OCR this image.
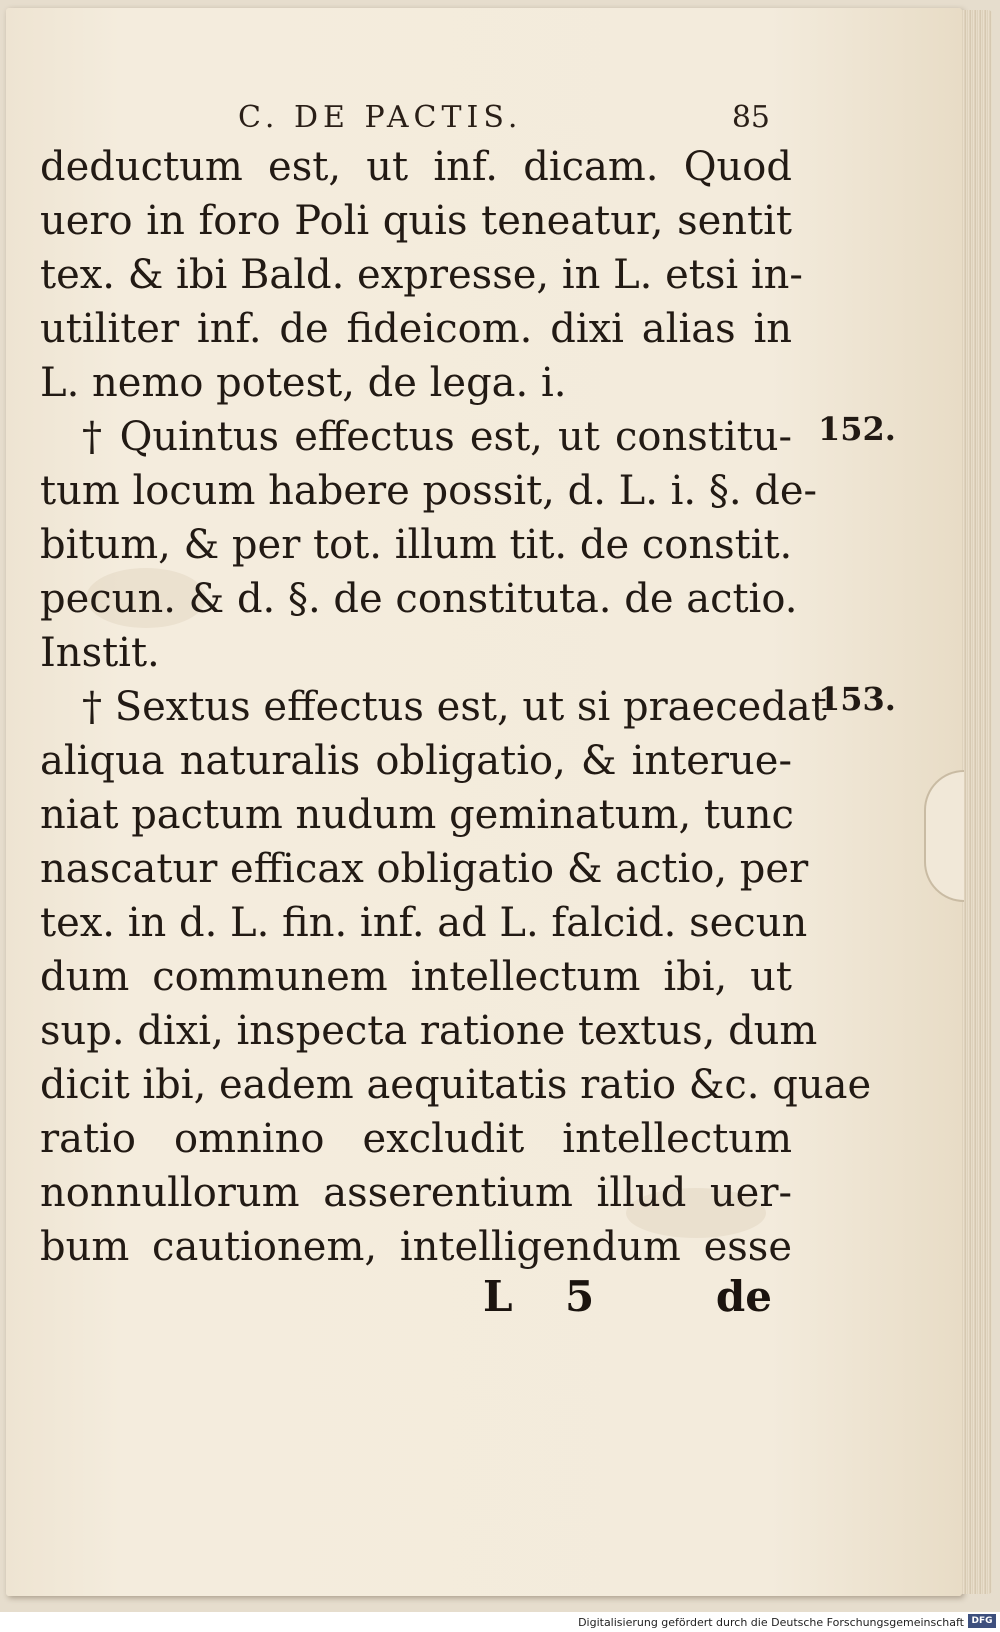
C. DE PACTIS.	85
deductum est, ut inf. dicam. Quod
uero in foro Poli quis teneatur, sentit
tex. & ibi Bald. expresse, in L. etsi in-
utiliter inf. de fideicom. dixi alias in
L. nemo potest, de lega. i.
† Quintus effectus est, ut constitu-
tum locum habere possit, d. L. i. §. de-
bitum, & per tot. illum tit. de constit.
pecun. & d. §. de constituta. de actio.
Instit.
† Sextus effectus est, ut si praecedat
aliqua naturalis obligatio, & interue-
niat pactum nudum geminatum, tunc
nascatur efficax obligatio & actio, per
tex. in d. L. fin. inf. ad L. falcid. secun
dum communem intellectum ibi, ut
sup. dixi, inspecta ratione textus, dum
dicit ibi, eadem aequitatis ratio &c. quae
ratio omnino excludit intellectum
nonnullorum asserentium illud uer-
bum cautionem, intelligendum esse
152.
153.
L 5	de
Digitalisierung gefördert durch die Deutsche Forschungsgemeinschaft DFG
